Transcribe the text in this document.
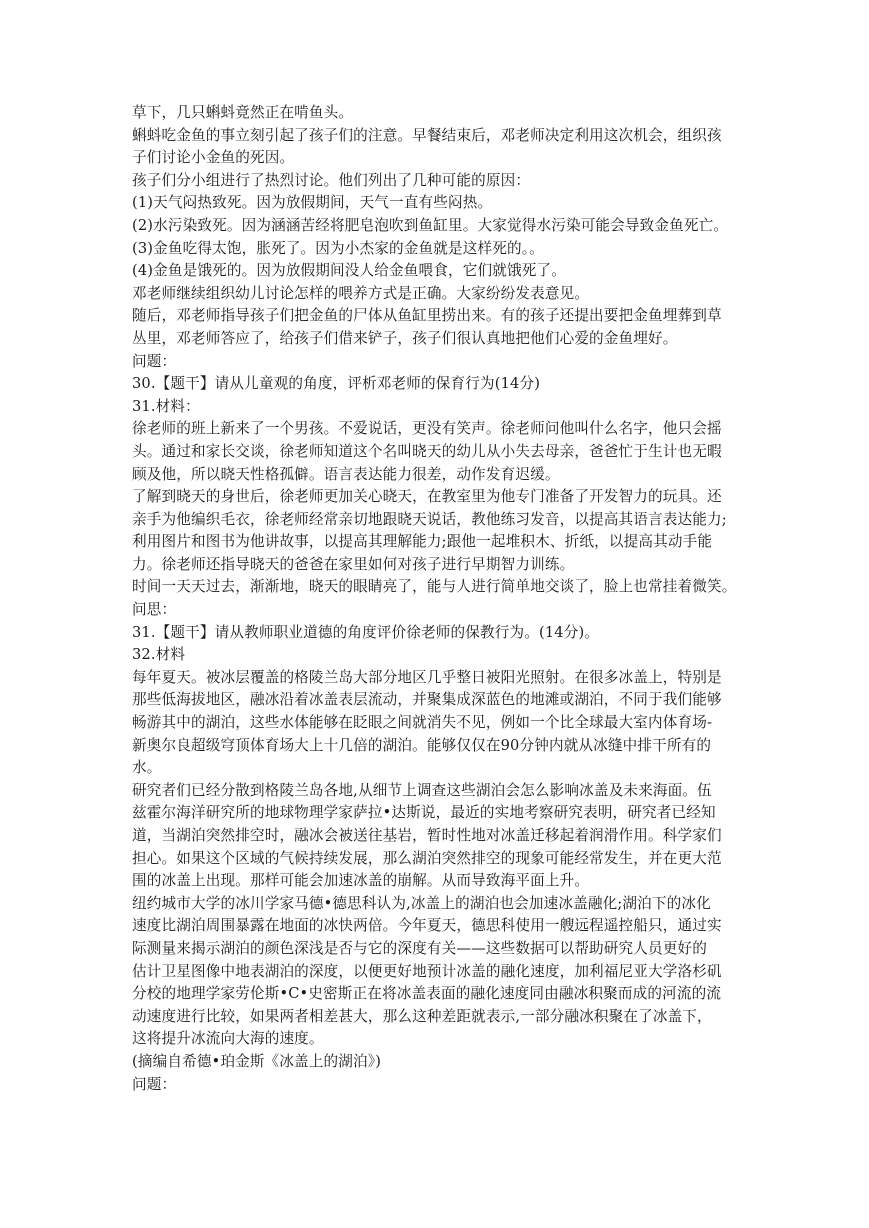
草下，几只蝌蚪竟然正在啃鱼头。
蝌蚪吃金鱼的事立刻引起了孩子们的注意。早餐结束后，邓老师决定利用这次机会，组织孩
子们讨论小金鱼的死因。
孩子们分小组进行了热烈讨论。他们列出了几种可能的原因：
(1)天气闷热致死。因为放假期间，天气一直有些闷热。
(2)水污染致死。因为涵涵苦经将肥皂泡吹到鱼缸里。大家觉得水污染可能会导致金鱼死亡。
(3)金鱼吃得太饱，胀死了。因为小杰家的金鱼就是这样死的。。
(4)金鱼是饿死的。因为放假期间没人给金鱼喂食，它们就饿死了。
邓老师继续组织幼儿讨论怎样的喂养方式是正确。大家纷纷发表意见。
随后，邓老师指导孩子们把金鱼的尸体从鱼缸里捞出来。有的孩子还提出要把金鱼埋葬到草
丛里，邓老师答应了，给孩子们借来铲子，孩子们很认真地把他们心爱的金鱼埋好。
问题：
30.【题干】请从儿童观的角度，评析邓老师的保育行为(14分)
31.材料：
徐老师的班上新来了一个男孩。不爱说话，更没有笑声。徐老师问他叫什么名字，他只会摇
头。通过和家长交谈，徐老师知道这个名叫晓天的幼儿从小失去母亲，爸爸忙于生计也无暇
顾及他，所以晓天性格孤僻。语言表达能力很差，动作发育迟缓。
了解到晓天的身世后，徐老师更加关心晓天，在教室里为他专门准备了开发智力的玩具。还
亲手为他编织毛衣，徐老师经常亲切地跟晓天说话，教他练习发音，以提高其语言表达能力;
利用图片和图书为他讲故事，以提高其理解能力;跟他一起堆积木、折纸，以提高其动手能
力。徐老师还指导晓天的爸爸在家里如何对孩子进行早期智力训练。
时间一天天过去，渐渐地，晓天的眼睛亮了，能与人进行简单地交谈了，脸上也常挂着微笑。
问思：
31.【题干】请从教师职业道德的角度评价徐老师的保教行为。(14分)。
32.材料
每年夏天。被冰层覆盖的格陵兰岛大部分地区几乎整日被阳光照射。在很多冰盖上，特别是
那些低海拔地区，融冰沿着冰盖表层流动，并聚集成深蓝色的地滩或湖泊，不同于我们能够
畅游其中的湖泊，这些水体能够在眨眼之间就消失不见，例如一个比全球最大室内体育场-
新奥尔良超级穹顶体育场大上十几倍的湖泊。能够仅仅在90分钟内就从冰缝中排干所有的
水。
研究者们已经分散到格陵兰岛各地,从细节上调查这些湖泊会怎么影响冰盖及未来海面。伍
兹霍尔海洋研究所的地球物理学家萨拉•达斯说，最近的实地考察研究表明，研究者已经知
道，当湖泊突然排空时，融冰会被送往基岩，暂时性地对冰盖迁移起着润滑作用。科学家们
担心。如果这个区域的气候持续发展，那么湖泊突然排空的现象可能经常发生，并在更大范
围的冰盖上出现。那样可能会加速冰盖的崩解。从而导致海平面上升。
纽约城市大学的冰川学家马德•德思科认为,冰盖上的湖泊也会加速冰盖融化;湖泊下的冰化
速度比湖泊周围暴露在地面的冰快两倍。今年夏天，德思科使用一艘远程遥控船只，通过实
际测量来揭示湖泊的颜色深浅是否与它的深度有关——这些数据可以帮助研究人员更好的
估计卫星图像中地表湖泊的深度，以便更好地预计冰盖的融化速度，加利福尼亚大学洛杉矶
分校的地理学家劳伦斯•C•史密斯正在将冰盖表面的融化速度同由融冰积聚而成的河流的流
动速度进行比较，如果两者相差甚大，那么这种差距就表示,一部分融冰积聚在了冰盖下，
这将提升冰流向大海的速度。
(摘编自希德•珀金斯《冰盖上的湖泊》)
问题：
